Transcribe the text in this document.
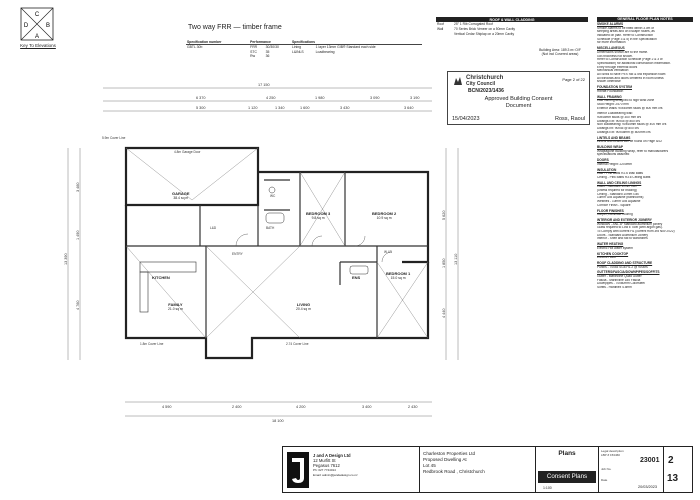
C
D	B
A
Key To Elevations
Two way FRR — timber frame
Specification number	Performance		Specifications	
GBTL 30b	FRR	30/30/30	Lining	1 layer 13mm GIB® Standard each side
	STC	35	L&INLS	Loadbearing
	Rw	36		
ROOF & WALL CLADDING
Roof	25° 1 Rib Corrugated Roof
Wall	70 Series Brick Veneer on a 50mm Cavity
Vertical Cedar Shiplap on a 20mm Cavity
Building Area: 189.3 m² O/F
(Not incl Covered areas)
Christchurch
City Council
Page 2 of 22
BCN/2023/1436
Approved Building Consent
Document
15/04/2023	Ross, Raoul
GENERAL FLOOR PLAN NOTES
SMOKE ALARMS
Smoke Alarms to be fitted within 3.0m of
sleeping areas and on Escape routes, as
indicated on plan. Refer to Construction
Schedule (Page 3 & 5) in the Specification
for more information
MISCELLANEOUS
Dimensions shown are to the frame.
GIB thickness not shown.
Refer to Construction Schedule (Page 2 & 3 of
Specification) for additional construction information.
Entry through external doors
Mechanical ventilation
All Sinks to have PEX rod & low expansion foam
All windows and doors centered in room unless
shown otherwise
FOUNDATION SYSTEM
Ribraft Foundation
WALL FRAMING
Wall framing designed to high wind zone
Stud Height: 2570 mm
Exterior Walls: 90x45mm studs @ 600 mm crs
Interior Loadbearing wall:
90x45mm studs @ 300 mm crs
Dwangs Ext: 90x45 @ 800 crs
Non loadbearing: 90x45mm studs @ 400 mm crs
Dwangs Int: 90x45 @ 800 crs
Dwangs Ext: 90x45mm @ 800mm crs
LINTELS AND BEAMS
Lintels and beams can be found on Page 5/22
BUILDING WRAP
Wraptagone Building Wrap, refer to manufacturers
specifications attached
DOORS
Internal Height: 2200mm
INSULATION
Wall - Pink Batts R2.6 Wall Batts
Ceiling - Pink Batts R3.6 Ceiling Batts
WALL AND CEILING LININGS
Walls - Standard 10mm GIB
(unless required for bracing)
Ceiling - Standard 10mm GIB
13mm GIB Aqualine (bathrooms)
Wetlines - 10mm GIB Aqualine
Cornice Finish - Square
FLOOR FINISHES
Carpet, Laminate flooring
INTERIOR AND EXTERIOR JOINERY
Windows - ANL 3F standard aluminium joinery
Glass required to Low E Xcel (with argon gas).
To Comply with current H1 (current from 3rd Nov 2022)
Doors - Standard Aluminium Joinery
Interior - Shelf and rail to wardrobes
WATER HEATING
Electric Hot water system
KITCHEN COOKTOP
Electric Hobb
ROOF CLADDING AND STRUCTURE
Purlins - 70x45 SG8 H1.2 @ 900crs
GUTTERS/FASCIA/DOWNPIPES/SOFFITS
Gutter - Marlin/line Quad Gutter
Fascia - Marlin/line 185 Fascia
Downpipes - 70x80mm Colorsteel
Soffits - Hardiflex 4.5mm
17 150
6 370	4 250	1 980	3 090	3 190
5 300	1 120	1 340	1 600	3 430	3 640
13 390
3 460
1 490
4 760
13 110
5 620
1 850
4 440
4 590	2 400	4 200	3 400	2 430
18 100
GARAGE
38.4 sq m
BEDROOM 3
9.8 sq m
BEDROOM 2
10.9 sq m
BEDROOM 1
15.0 sq m
FAMILY
21.0 sq m
LIVING
20.4 sq m
KITCHEN	ENS
L&D
ENTRY	W.I.R
BATH
WC
4.8m Garage Door
5.9m Cover Line
2.74 Cover Line
1.8m Cover Line
J and A Design Ltd
12 Murfitt St
Pegasus 7612
Ph: 027 7744014
Email: admin@jandadesign.co.nz
Charleston Properties Ltd
Proposed Dwelling At
Lot 45
Redbrook Road , Christchurch
Plans
Consent Plans
1:100
Legal description
LBP # 153460
Job No.
Date
23001
20/03/2023
2
13
